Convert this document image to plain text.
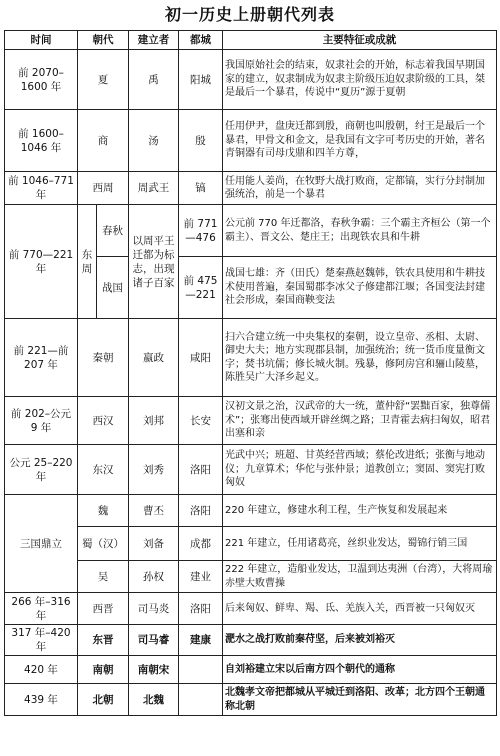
初一历史上册朝代列表
时间	朝代		建立者	都城	主要特征或成就
前 2070–1600 年	夏		禹	阳城	我国原始社会的结束，奴隶社会的开始，标志着我国早期国家的建立，奴隶制成为奴隶主阶级压迫奴隶阶级的工具，桀是最后一个暴君，传说中“夏历”源于夏朝
前 1600–1046 年	商		汤	殷	任用伊尹，盘庚迁都到殷，商朝也叫殷朝，纣王是最后一个暴君，甲骨文和金文，是我国有文字可考历史的开始，著名青铜器有司母戊鼎和四羊方尊，
前 1046–771 年	西周		周武王	镐	任用能人姜尚，在牧野大战打败商，定都镐，实行分封制加强统治，前是一个暴君
前 770—221 年	东周	春秋	以周平王迁都为标志，出现诸子百家	前 771 —476	公元前 770 年迁都洛，春秋争霸：三个霸主齐桓公（第一个霸主）、晋文公、楚庄王；出现铁农具和牛耕
		战国		前 475 —221	战国七雄：齐（田氏）楚秦燕赵魏韩，铁农具使用和牛耕技术使用普遍，秦国蜀郡李冰父子修建都江堰；各国变法封建社会形成，秦国商鞅变法
前 221—前 207 年	秦朝		嬴政	咸阳	扫六合建立统一中央集权的秦朝，设立皇帝、丞相、太尉、御史大夫；地方实现郡县制，加强统治；统一货币度量衡文字；焚书坑儒；修长城火制。残暴，修阿房宫和骊山陵墓，陈胜吴广大泽乡起义。
前 202–公元 9 年	西汉		刘邦	长安	汉初文景之治，汉武帝的大一统，董仲舒“罢黜百家，独尊儒术”；张骞出使西域开辟丝绸之路；卫青霍去病扫匈奴，昭君出塞和亲
公元 25–220 年	东汉		刘秀	洛阳	光武中兴；班超、甘英经营西域；蔡伦改进纸；张衡与地动仪；九章算术；华佗与张仲景；道教创立；窦固、窦宪打败匈奴
三国鼎立	魏		曹丕	洛阳	220 年建立，修建水利工程，生产恢复和发展起来
	蜀（汉）		刘备	成都	221 年建立，任用诸葛亮，丝织业发达，蜀锦行销三国
	吴		孙权	建业	222 年建立，造船业发达，卫温到达夷洲（台湾），大将周瑜赤壁大败曹操
266 年–316 年	西晋		司马炎	洛阳	后来匈奴、鲜卑、羯、氐、羌族入关，西晋被一只匈奴灭
317 年–420 年	东晋		司马睿	建康	淝水之战打败前秦苻坚，后来被刘裕灭
420 年	南朝		南朝宋		自刘裕建立宋以后南方四个朝代的通称
439 年	北朝		北魏		北魏孝文帝把都城从平城迁到洛阳、改革；北方四个王朝通称北朝
